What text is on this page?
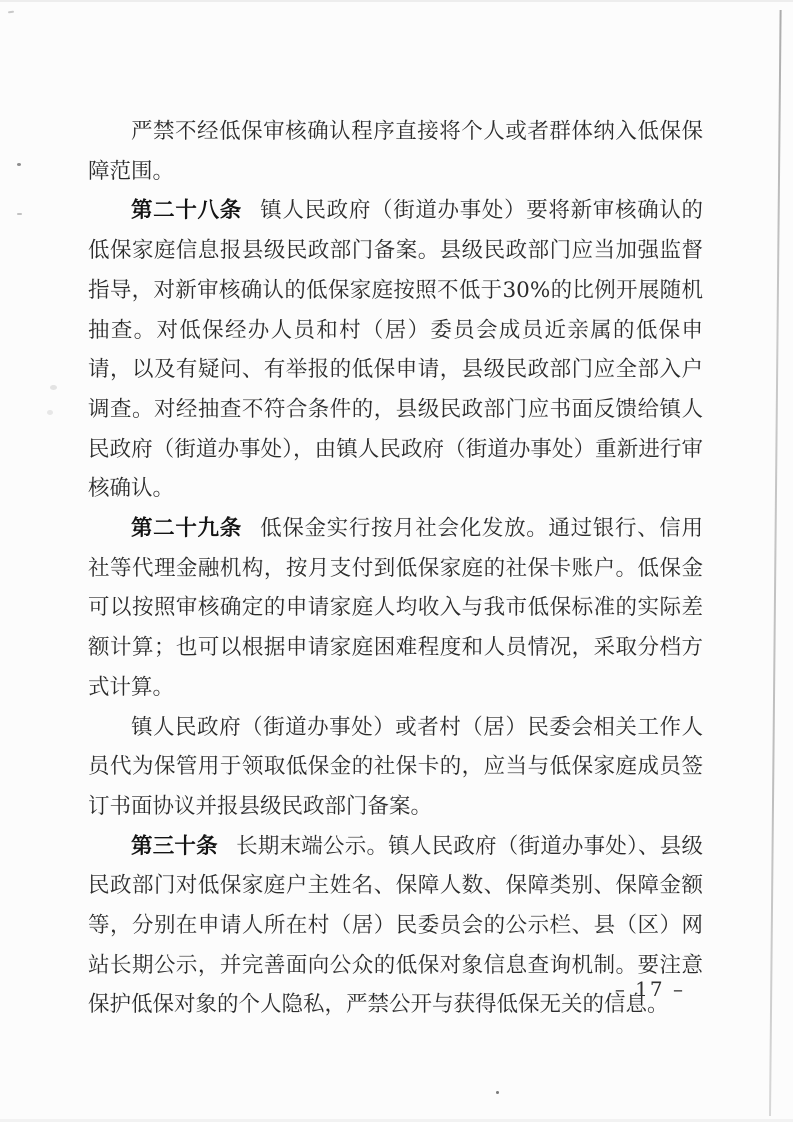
严禁不经低保审核确认程序直接将个人或者群体纳入低保保障范围。

第二十八条 镇人民政府（街道办事处）要将新审核确认的低保家庭信息报县级民政部门备案。县级民政部门应当加强监督指导，对新审核确认的低保家庭按照不低于30%的比例开展随机抽查。对低保经办人员和村（居）委员会成员近亲属的低保申请，以及有疑问、有举报的低保申请，县级民政部门应全部入户调查。对经抽查不符合条件的，县级民政部门应书面反馈给镇人民政府（街道办事处），由镇人民政府（街道办事处）重新进行审核确认。

第二十九条 低保金实行按月社会化发放。通过银行、信用社等代理金融机构，按月支付到低保家庭的社保卡账户。低保金可以按照审核确定的申请家庭人均收入与我市低保标准的实际差额计算；也可以根据申请家庭困难程度和人员情况，采取分档方式计算。

镇人民政府（街道办事处）或者村（居）民委会相关工作人员代为保管用于领取低保金的社保卡的，应当与低保家庭成员签订书面协议并报县级民政部门备案。

第三十条 长期末端公示。镇人民政府（街道办事处）、县级民政部门对低保家庭户主姓名、保障人数、保障类别、保障金额等，分别在申请人所在村（居）民委员会的公示栏、县（区）网站长期公示，并完善面向公众的低保对象信息查询机制。要注意保护低保对象的个人隐私，严禁公开与获得低保无关的信息。

– 17 –
